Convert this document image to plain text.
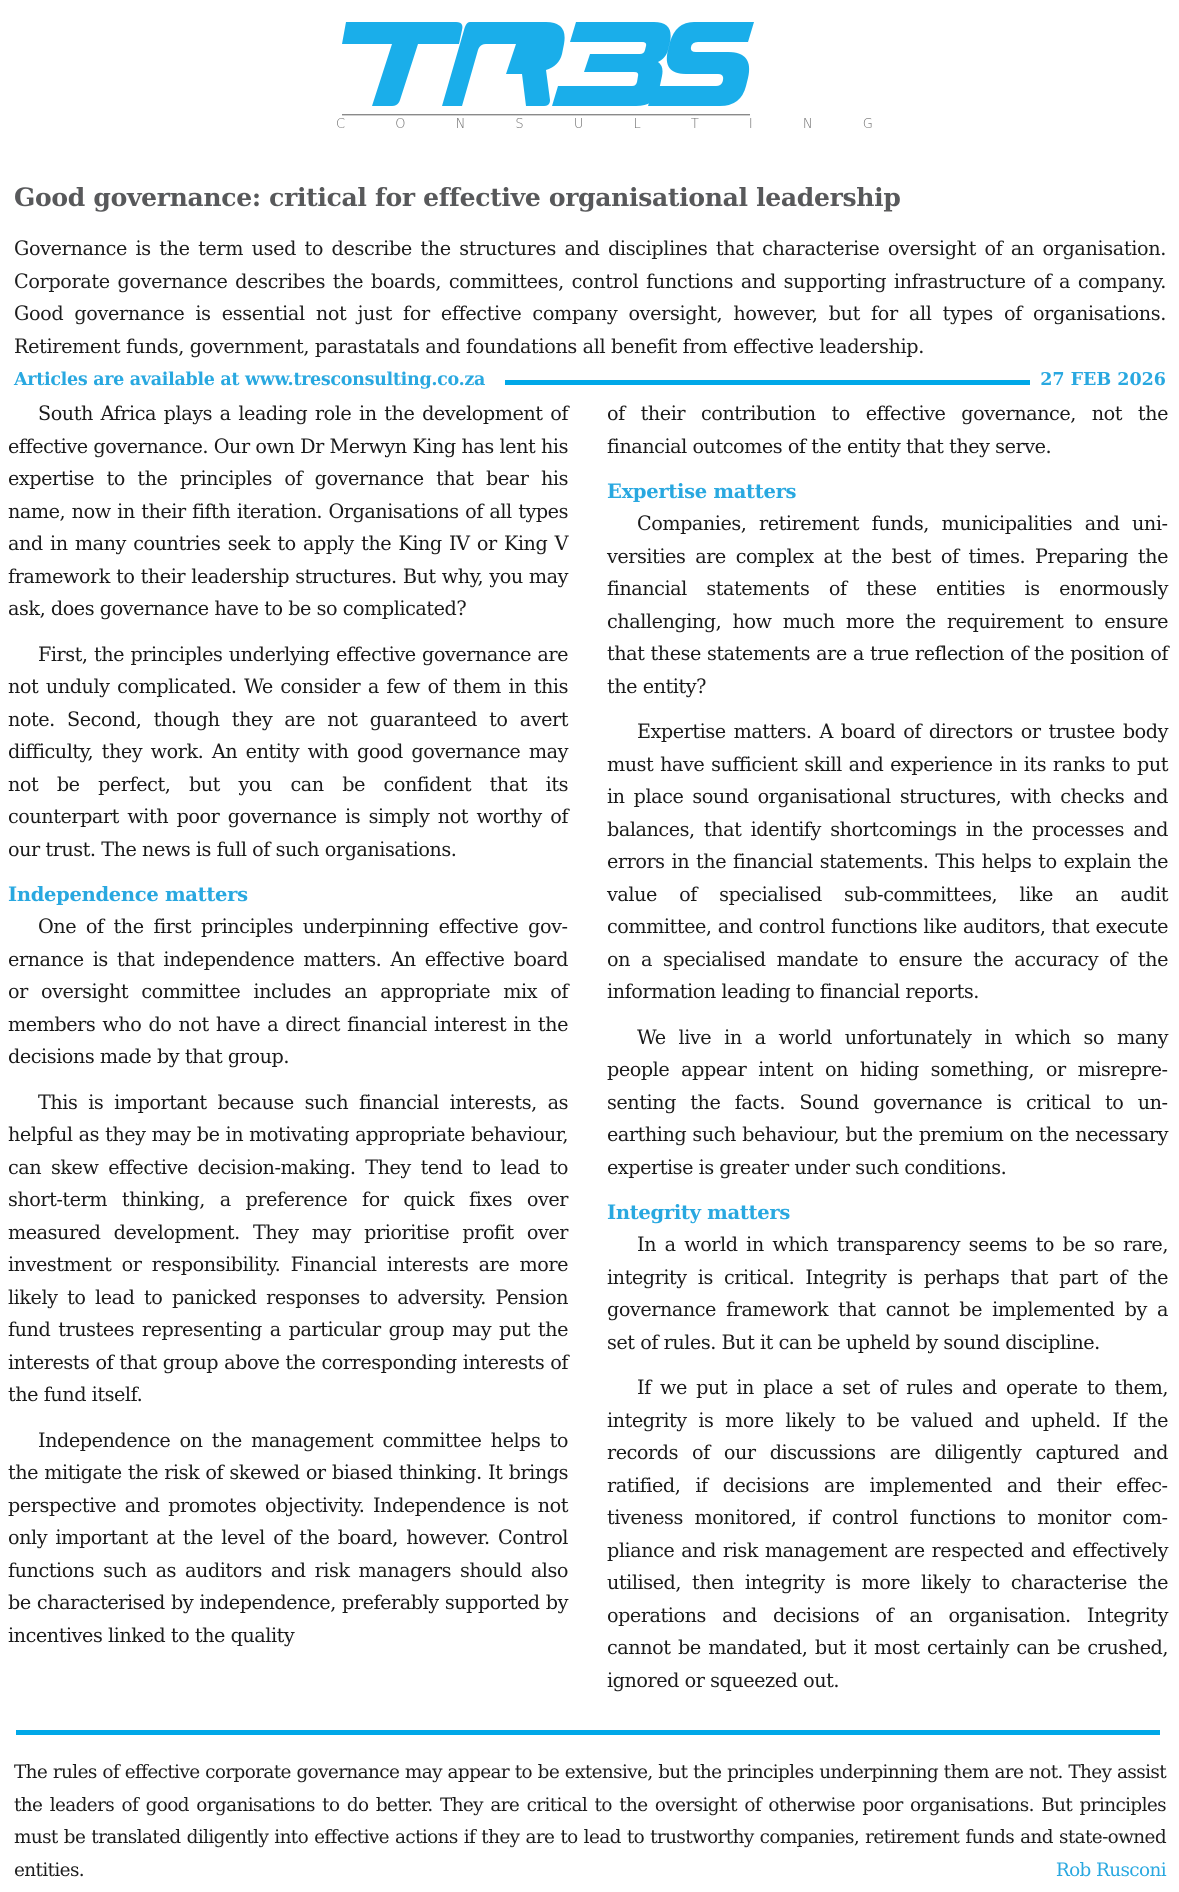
C O N S U L T I N G
Good governance: critical for effective organisational leadership
Governance is the term used to describe the structures and disciplines that characterise oversight of an organisation. Corporate governance describes the boards, committees, control functions and supporting infrastructure of a company. Good governance is essential not just for effective company oversight, however, but for all types of organisations. Retirement funds, government, parastatals and foundations all benefit from effective leadership.
Articles are available at www.tresconsulting.co.za	27 FEB 2026

South Africa plays a leading role in the development of effective governance. Our own Dr Merwyn King has lent his expertise to the principles of governance that bear his name, now in their fifth iteration. Organisations of all types and in many countries seek to apply the King IV or King V framework to their leadership structures. But why, you may ask, does governance have to be so complicated?

First, the principles underlying effective governance are not unduly complicated. We consider a few of them in this note. Second, though they are not guaranteed to avert difficulty, they work. An entity with good governance may not be perfect, but you can be confident that its counterpart with poor governance is simply not worthy of our trust. The news is full of such organisations.

Independence matters

One of the first principles underpinning effective governance is that independence matters. An effective board or oversight committee includes an appropriate mix of members who do not have a direct financial interest in the decisions made by that group.

This is important because such financial interests, as helpful as they may be in motivating appropriate behaviour, can skew effective decision-making. They tend to lead to short-term thinking, a preference for quick fixes over measured development. They may prioritise profit over investment or responsibility. Financial interests are more likely to lead to panicked responses to adversity. Pension fund trustees representing a particular group may put the interests of that group above the corresponding interests of the fund itself.

Independence on the management committee helps to the mitigate the risk of skewed or biased thinking. It brings perspective and promotes objectivity. Independence is not only important at the level of the board, however. Control functions such as auditors and risk managers should also be characterised by independence, preferably supported by incentives linked to the quality

of their contribution to effective governance, not the financial outcomes of the entity that they serve.

Expertise matters

Companies, retirement funds, municipalities and universities are complex at the best of times. Preparing the financial statements of these entities is enormously challenging, how much more the requirement to ensure that these statements are a true reflection of the position of the entity?

Expertise matters. A board of directors or trustee body must have sufficient skill and experience in its ranks to put in place sound organisational structures, with checks and balances, that identify shortcomings in the processes and errors in the financial statements. This helps to explain the value of specialised sub-committees, like an audit committee, and control functions like auditors, that execute on a specialised mandate to ensure the accuracy of the information leading to financial reports.

We live in a world unfortunately in which so many people appear intent on hiding something, or misrepresenting the facts. Sound governance is critical to unearthing such behaviour, but the premium on the necessary expertise is greater under such conditions.

Integrity matters

In a world in which transparency seems to be so rare, integrity is critical. Integrity is perhaps that part of the governance framework that cannot be implemented by a set of rules. But it can be upheld by sound discipline.

If we put in place a set of rules and operate to them, integrity is more likely to be valued and upheld. If the records of our discussions are diligently captured and ratified, if decisions are implemented and their effectiveness monitored, if control functions to monitor compliance and risk management are respected and effectively utilised, then integrity is more likely to characterise the operations and decisions of an organisation. Integrity cannot be mandated, but it most certainly can be crushed, ignored or squeezed out.

The rules of effective corporate governance may appear to be extensive, but the principles underpinning them are not. They assist the leaders of good organisations to do better. They are critical to the oversight of otherwise poor organisations. But principles must be translated diligently into effective actions if they are to lead to trustworthy companies, retirement funds and state-owned entities.	Rob Rusconi
